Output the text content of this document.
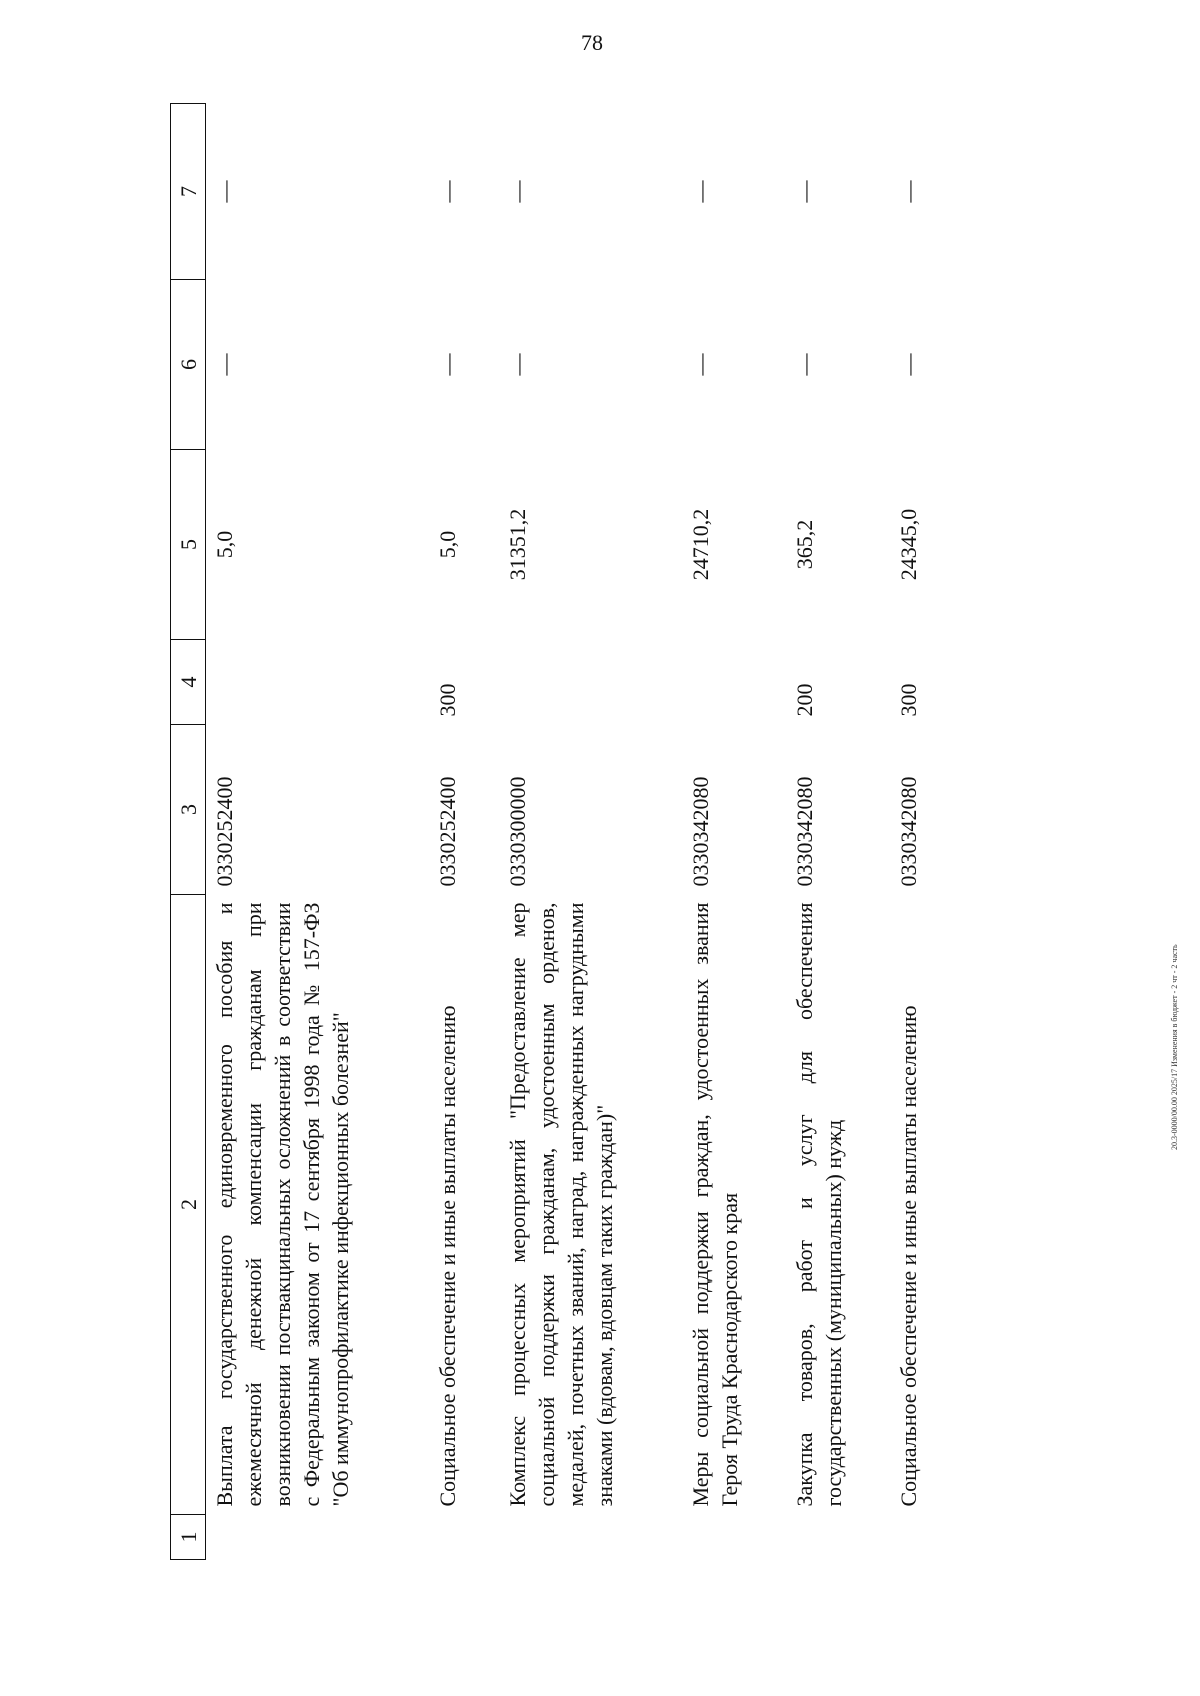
78
20.3-0000/00.00 2025/17 Изменения в бюджет - 2 чт - 2 часть
1	2	3	4	5	6	7
	Выплата государственного единовременного пособия и ежемесячной денежной компенсации гражданам при возникновении поствакцинальных осложнений в соответствии с Федеральным законом от 17 сентября 1998 года № 157-ФЗ "Об иммунопрофилактике инфекционных болезней"	0330252400		5,0	—	—
	Социальное обеспечение и иные выплаты населению	0330252400	300	5,0	—	—
	Комплекс процессных мероприятий "Предоставление мер социальной поддержки гражданам, удостоенным орденов, медалей, почетных званий, наград, награжденных нагрудными знаками (вдовам, вдовцам таких граждан)"	0330300000		31351,2	—	—
	Меры социальной поддержки граждан, удостоенных звания Героя Труда Краснодарского края	0330342080		24710,2	—	—
	Закупка товаров, работ и услуг для обеспечения государственных (муниципальных) нужд	0330342080	200	365,2	—	—
	Социальное обеспечение и иные выплаты населению	0330342080	300	24345,0	—	—
